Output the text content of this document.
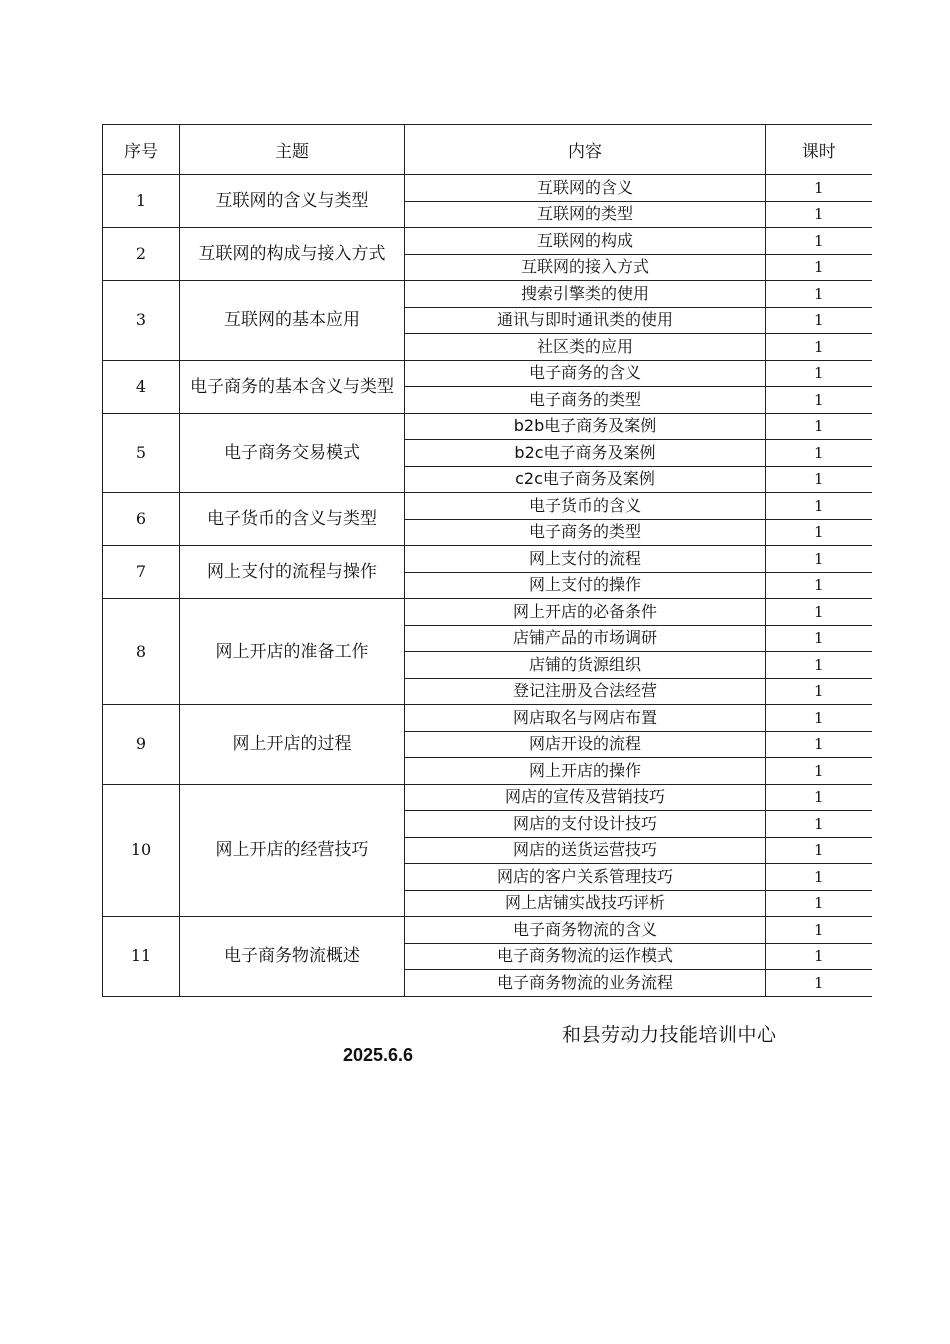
序号	主题	内容	课时
1	互联网的含义与类型	互联网的含义	1
		互联网的类型	1
2	互联网的构成与接入方式	互联网的构成	1
		互联网的接入方式	1
3	互联网的基本应用	搜索引擎类的使用	1
		通讯与即时通讯类的使用	1
		社区类的应用	1
4	电子商务的基本含义与类型	电子商务的含义	1
		电子商务的类型	1
5	电子商务交易模式	b2b电子商务及案例	1
		b2c电子商务及案例	1
		c2c电子商务及案例	1
6	电子货币的含义与类型	电子货币的含义	1
		电子商务的类型	1
7	网上支付的流程与操作	网上支付的流程	1
		网上支付的操作	1
8	网上开店的准备工作	网上开店的必备条件	1
		店铺产品的市场调研	1
		店铺的货源组织	1
		登记注册及合法经营	1
9	网上开店的过程	网店取名与网店布置	1
		网店开设的流程	1
		网上开店的操作	1
10	网上开店的经营技巧	网店的宣传及营销技巧	1
		网店的支付设计技巧	1
		网店的送货运营技巧	1
		网店的客户关系管理技巧	1
		网上店铺实战技巧评析	1
11	电子商务物流概述	电子商务物流的含义	1
		电子商务物流的运作模式	1
		电子商务物流的业务流程	1
和县劳动力技能培训中心
2025.6.6
